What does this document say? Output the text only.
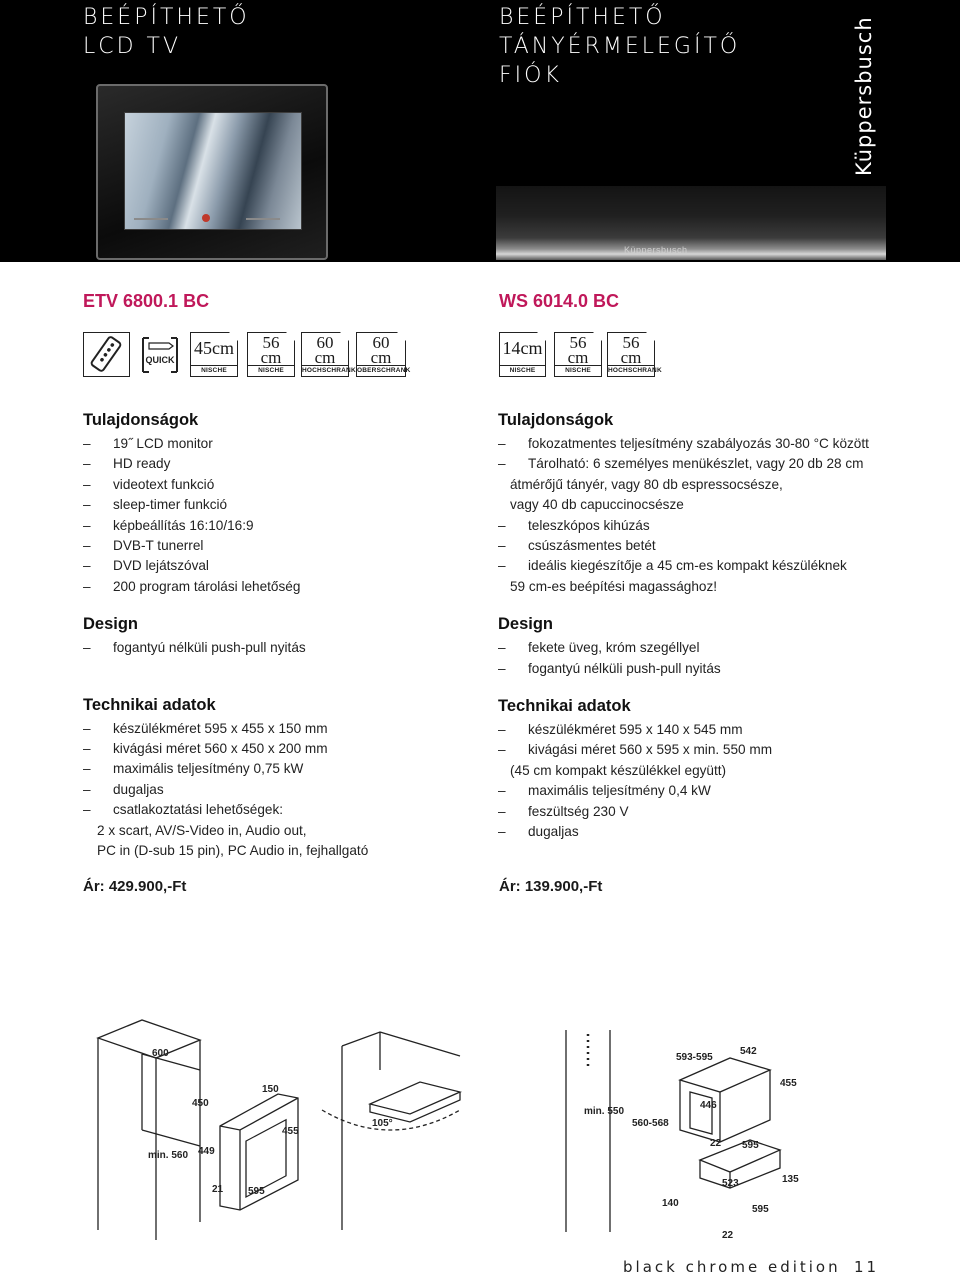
BEÉPÍTHETŐ
LCD TV
BEÉPÍTHETŐ
TÁNYÉRMELEGÍTŐ
FIÓK	Küppersbusch
Küppersbusch
ETV 6800.1 BC	WS 6014.0 BC
QUICK
45cm
NISCHE
56
cm
NISCHE
60
cm
HOCHSCHRANK
60
cm
OBERSCHRANK
14cm
NISCHE
56
cm
NISCHE
56
cm
HOCHSCHRANK
Tulajdonságok
– 19˝ LCD monitor
– HD ready
– videotext funkció
– sleep-timer funkció
– képbeállítás 16:10/16:9
– DVB-T tunerrel
– DVD lejátszóval
– 200 program tárolási lehetőség
Design
– fogantyú nélküli push-pull nyitás
Technikai adatok
– készülékméret 595 x 455 x 150 mm
– kivágási méret 560 x 450 x 200 mm
– maximális teljesítmény 0,75 kW
– dugaljas
– csatlakoztatási lehetőségek:
2 x scart, AV/S-Video in, Audio out,
PC in (D-sub 15 pin), PC Audio in, fejhallgató
Tulajdonságok
– fokozatmentes teljesítmény szabályozás 30-80 °C között
– Tárolható: 6 személyes menükészlet, vagy 20 db 28 cm
átmérőjű tányér, vagy 80 db espressocsésze,
vagy 40 db capuccinocsésze
– teleszkópos kihúzás
– csúszásmentes betét
– ideális kiegészítője a 45 cm-es kompakt készüléknek
59 cm-es beépítési magassághoz!
Design
– fekete üveg, króm szegéllyel
– fogantyú nélküli push-pull nyitás
Technikai adatok
– készülékméret 595 x 140 x 545 mm
– kivágási méret 560 x 595 x min. 550 mm
(45 cm kompakt készülékkel együtt)
– maximális teljesítmény 0,4 kW
– feszültség 230 V
– dugaljas
Ár: 429.900,-Ft	Ár: 139.900,-Ft
600
150
450
455
min. 560 449
21 595
105°
593-595
542
455
446
min. 550
560-568
22 595
523	135
140
595
22
black chrome edition 11
